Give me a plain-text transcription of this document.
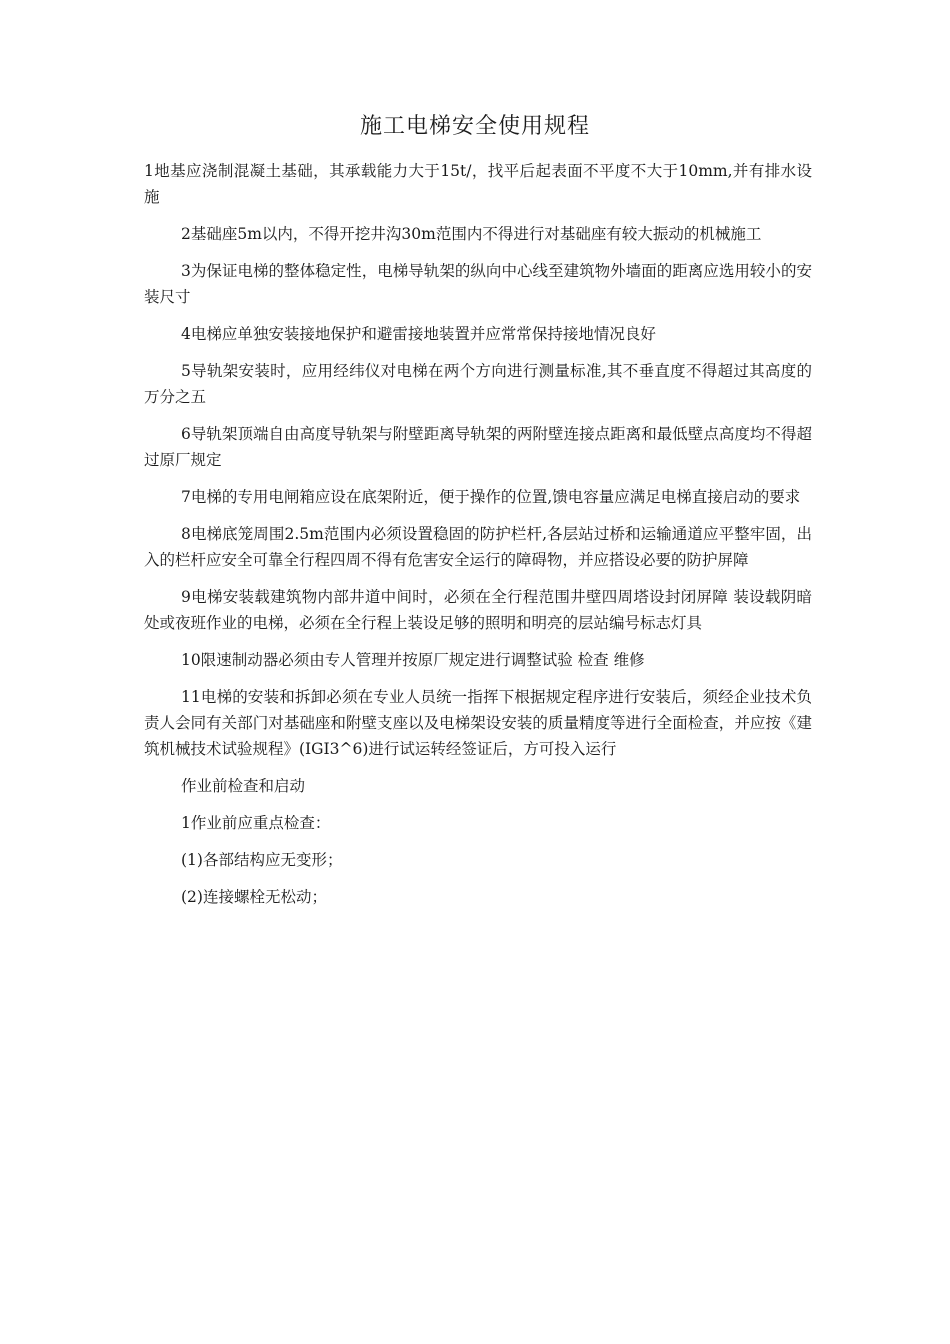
施工电梯安全使用规程

1地基应浇制混凝土基础，其承载能力大于15t/，找平后起表面不平度不大于10mm,并有排水设施

2基础座5m以内，不得开挖井沟30m范围内不得进行对基础座有较大振动的机械施工

3为保证电梯的整体稳定性，电梯导轨架的纵向中心线至建筑物外墙面的距离应选用较小的安装尺寸

4电梯应单独安装接地保护和避雷接地装置并应常常保持接地情况良好

5导轨架安装时，应用经纬仪对电梯在两个方向进行测量标准,其不垂直度不得超过其高度的万分之五

6导轨架顶端自由高度导轨架与附壁距离导轨架的两附壁连接点距离和最低壁点高度均不得超过原厂规定

7电梯的专用电闸箱应设在底架附近，便于操作的位置,馈电容量应满足电梯直接启动的要求

8电梯底笼周围2.5m范围内必须设置稳固的防护栏杆,各层站过桥和运输通道应平整牢固，出入的栏杆应安全可靠全行程四周不得有危害安全运行的障碍物，并应搭设必要的防护屏障

9电梯安装载建筑物内部井道中间时，必须在全行程范围井壁四周塔设封闭屏障 装设载阴暗处或夜班作业的电梯，必须在全行程上装设足够的照明和明亮的层站编号标志灯具

10限速制动器必须由专人管理并按原厂规定进行调整试验 检查 维修

11电梯的安装和拆卸必须在专业人员统一指挥下根据规定程序进行安装后，须经企业技术负责人会同有关部门对基础座和附壁支座以及电梯架设安装的质量精度等进行全面检查，并应按《建筑机械技术试验规程》(IGI3^6)进行试运转经签证后，方可投入运行

作业前检查和启动

1作业前应重点检查：

(1)各部结构应无变形；

(2)连接螺栓无松动；
